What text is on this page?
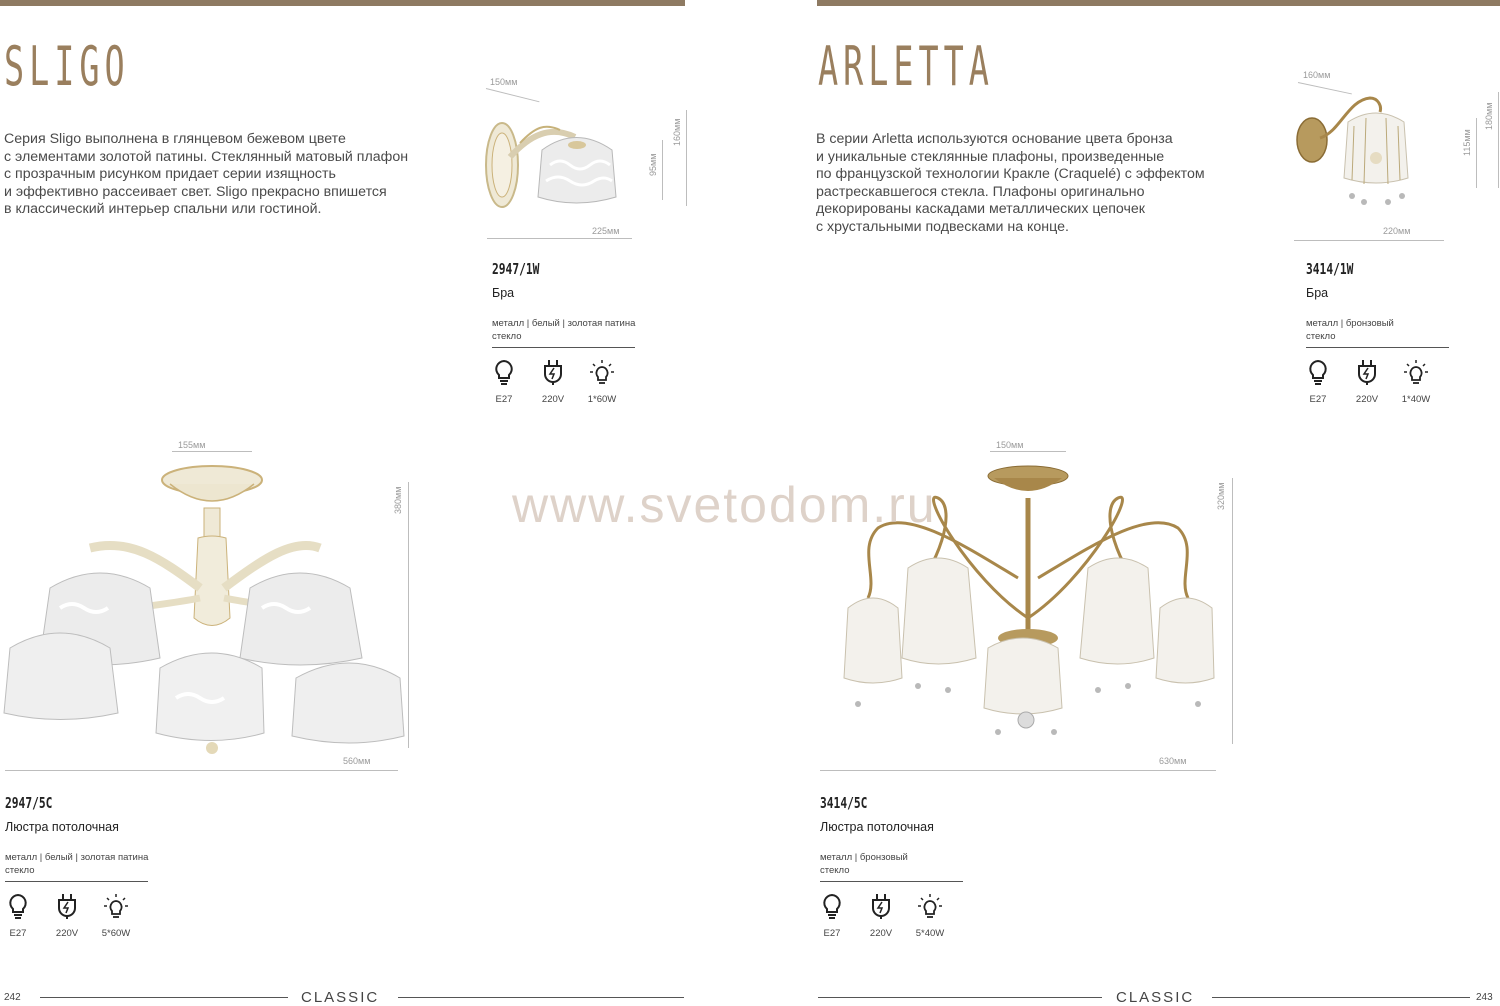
SLIGO
Серия Sligo выполнена в глянцевом бежевом цвете
с элементами золотой патины. Стеклянный матовый плафон
с прозрачным рисунком придает серии изящность
и эффективно рассеивает свет. Sligo прекрасно впишется
в классический интерьер спальни или гостиной.
150мм
160мм
95мм
225мм
2947/1W
Бра
металл | белый | золотая патина
стекло
E27	220V	1*60W
155мм
380мм
560мм
2947/5C
Люстра потолочная
металл | белый | золотая патина
стекло
E27	220V	5*60W
242	CLASSIC
ARLETTA
В серии Arletta используются основание цвета бронза
и уникальные стеклянные плафоны, произведенные
по французской технологии Кракле (Craquelé) с эффектом
растрескавшегося стекла. Плафоны оригинально
декорированы каскадами металлических цепочек
с хрустальными подвесками на конце.
160мм
180мм
115мм
220мм
3414/1W
Бра
металл | бронзовый
стекло
E27	220V	1*40W
150мм
320мм
630мм
3414/5C
Люстра потолочная
металл | бронзовый
стекло
E27	220V	5*40W
CLASSIC	243
www.svetodom.ru
